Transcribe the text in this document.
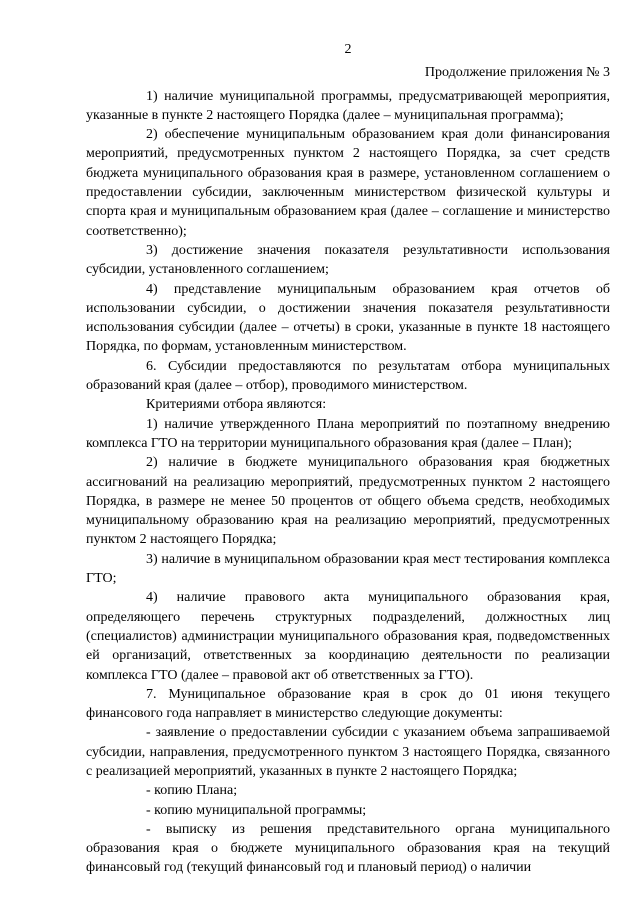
2
Продолжение приложения № 3

1) наличие муниципальной программы, предусматривающей мероприятия, указанные в пункте 2 настоящего Порядка (далее – муниципальная программа);

2) обеспечение муниципальным образованием края доли финансирования мероприятий, предусмотренных пунктом 2 настоящего Порядка, за счет средств бюджета муниципального образования края в размере, установленном соглашением о предоставлении субсидии, заключенным министерством физической культуры и спорта края и муниципальным образованием края (далее – соглашение и министерство соответственно);

3) достижение значения показателя результативности использования субсидии, установленного соглашением;

4) представление муниципальным образованием края отчетов об использовании субсидии, о достижении значения показателя результативности использования субсидии (далее – отчеты) в сроки, указанные в пункте 18 настоящего Порядка, по формам, установленным министерством.

6. Субсидии предоставляются по результатам отбора муниципальных образований края (далее – отбор), проводимого министерством.

Критериями отбора являются:

1) наличие утвержденного Плана мероприятий по поэтапному внедрению комплекса ГТО на территории муниципального образования края (далее – План);

2) наличие в бюджете муниципального образования края бюджетных ассигнований на реализацию мероприятий, предусмотренных пунктом 2 настоящего Порядка, в размере не менее 50 процентов от общего объема средств, необходимых муниципальному образованию края на реализацию мероприятий, предусмотренных пунктом 2 настоящего Порядка;

3) наличие в муниципальном образовании края мест тестирования комплекса ГТО;

4) наличие правового акта муниципального образования края, определяющего перечень структурных подразделений, должностных лиц (специалистов) администрации муниципального образования края, подведомственных ей организаций, ответственных за координацию деятельности по реализации комплекса ГТО (далее – правовой акт об ответственных за ГТО).

7. Муниципальное образование края в срок до 01 июня текущего финансового года направляет в министерство следующие документы:

- заявление о предоставлении субсидии с указанием объема запрашиваемой субсидии, направления, предусмотренного пунктом 3 настоящего Порядка, связанного с реализацией мероприятий, указанных в пункте 2 настоящего Порядка;

- копию Плана;

- копию муниципальной программы;

- выписку из решения представительного органа муниципального образования края о бюджете муниципального образования края на текущий финансовый год (текущий финансовый год и плановый период) о наличии
